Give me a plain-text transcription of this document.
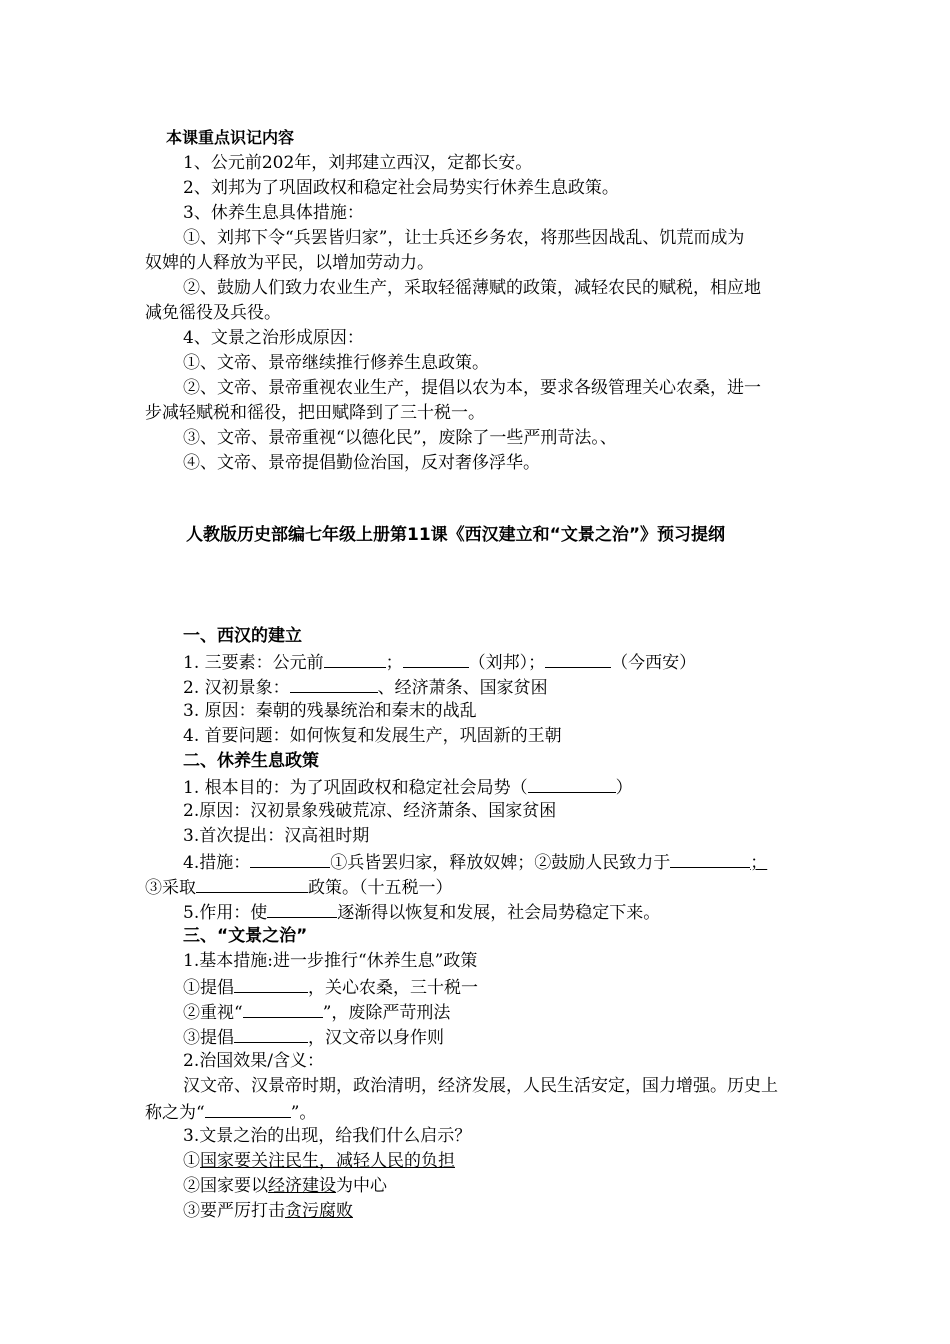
本课重点识记内容
1、公元前202年，刘邦建立西汉，定都长安。
2、刘邦为了巩固政权和稳定社会局势实行休养生息政策。
3、休养生息具体措施：
①、刘邦下令“兵罢皆归家”，让士兵还乡务农，将那些因战乱、饥荒而成为
奴婢的人释放为平民，以增加劳动力。
②、鼓励人们致力农业生产，采取轻徭薄赋的政策，减轻农民的赋税，相应地
减免徭役及兵役。
4、文景之治形成原因：
①、文帝、景帝继续推行修养生息政策。
②、文帝、景帝重视农业生产，提倡以农为本，要求各级管理关心农桑，进一
步减轻赋税和徭役，把田赋降到了三十税一。
③、文帝、景帝重视“以德化民”，废除了一些严刑苛法。、
④、文帝、景帝提倡勤俭治国，反对奢侈浮华。
人教版历史部编七年级上册第11课《西汉建立和“文景之治”》预习提纲
一、西汉的建立
1. 三要素：公元前	；	（刘邦）；	（今西安）
2. 汉初景象：	、经济萧条、国家贫困
3. 原因：秦朝的残暴统治和秦末的战乱
4. 首要问题：如何恢复和发展生产，巩固新的王朝
二、休养生息政策
1. 根本目的：为了巩固政权和稳定社会局势（	）
2.原因：汉初景象残破荒凉、经济萧条、国家贫困
3.首次提出：汉高祖时期
4.措施：	①兵皆罢归家，释放奴婢；②鼓励人民致力于	；
③采取	政策。（十五税一）
5.作用：使	逐渐得以恢复和发展，社会局势稳定下来。
三、“文景之治”
1.基本措施:进一步推行“休养生息”政策
①提倡	，关心农桑，三十税一
②重视“	”，废除严苛刑法
③提倡	，汉文帝以身作则
2.治国效果/含义：
汉文帝、汉景帝时期，政治清明，经济发展，人民生活安定，国力增强。历史上
称之为“	”。
3.文景之治的出现，给我们什么启示？
①国家要关注民生，减轻人民的负担
②国家要以经济建设为中心
③要严厉打击贪污腐败
